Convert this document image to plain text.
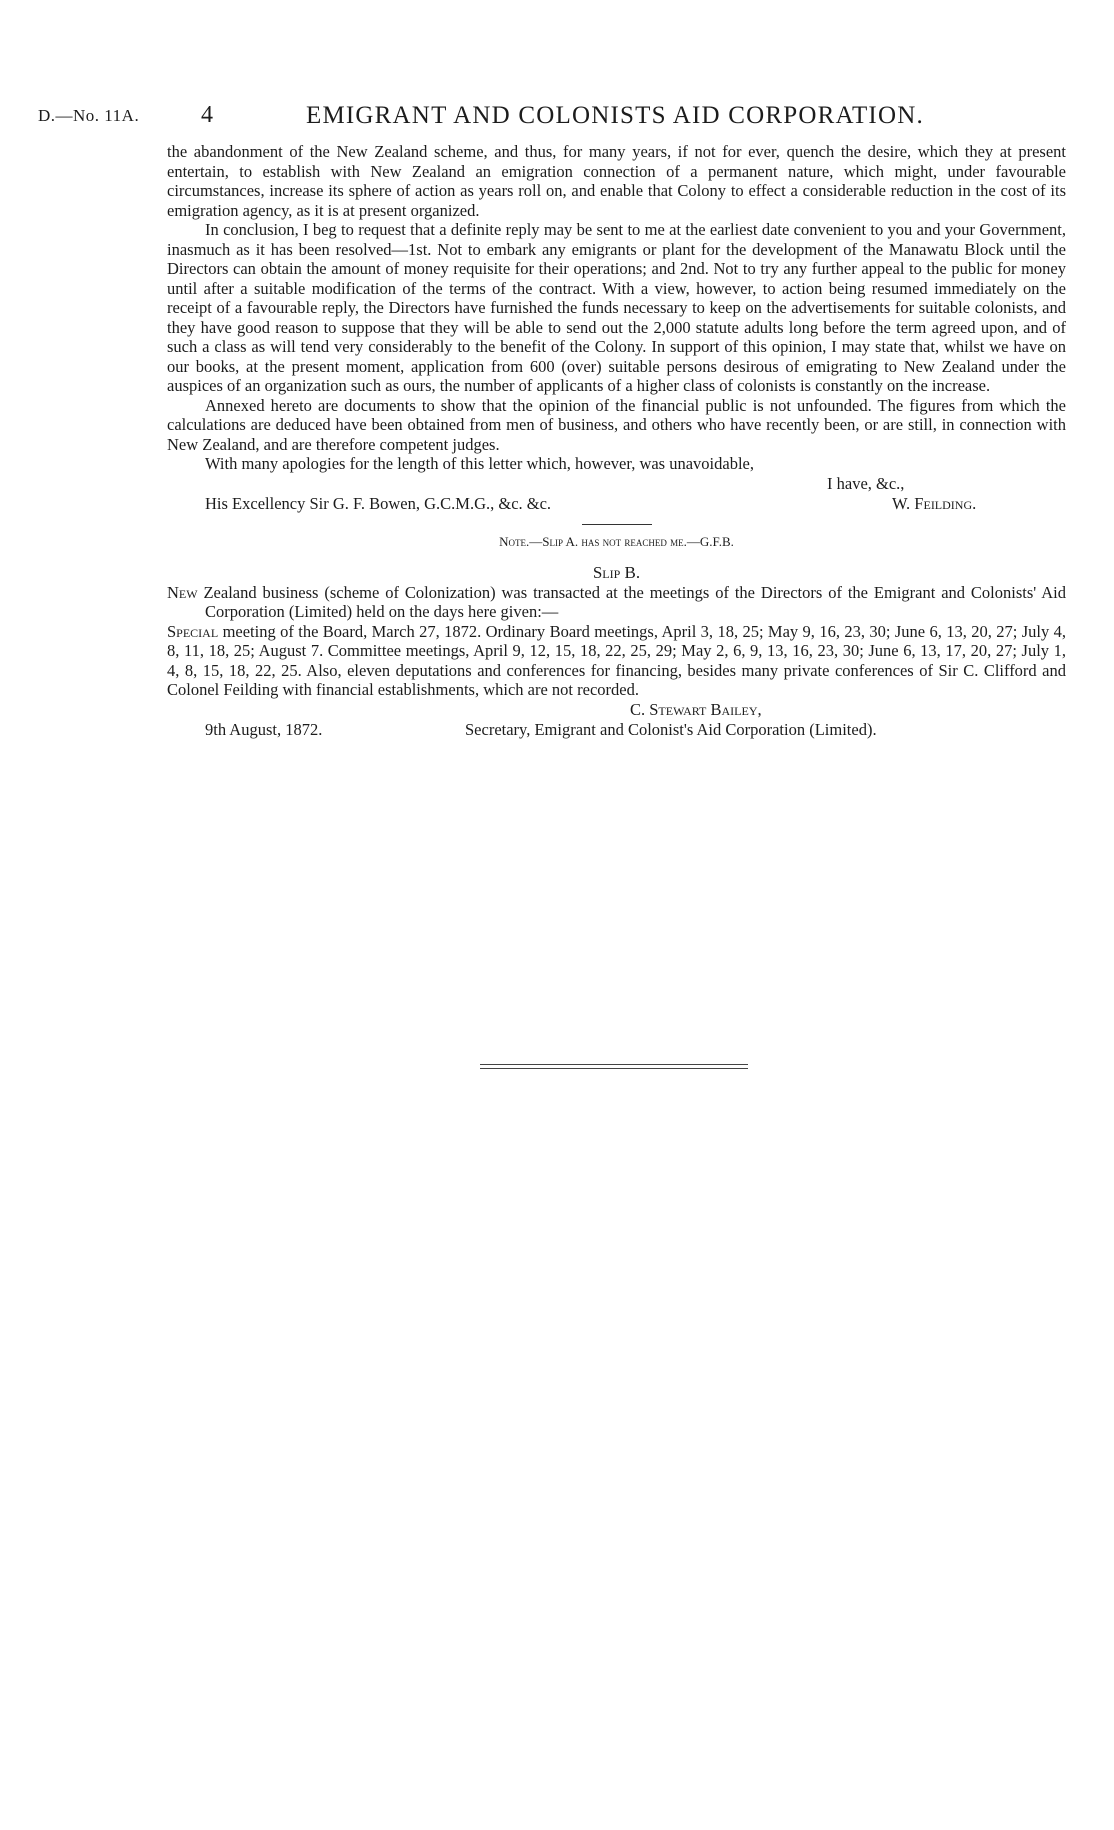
D.—No. 11A.	4	EMIGRANT AND COLONISTS AID CORPORATION.

the abandonment of the New Zealand scheme, and thus, for many years, if not for ever, quench the desire, which they at present entertain, to establish with New Zealand an emigration connection of a permanent nature, which might, under favourable circumstances, increase its sphere of action as years roll on, and enable that Colony to effect a considerable reduction in the cost of its emigration agency, as it is at present organized.

In conclusion, I beg to request that a definite reply may be sent to me at the earliest date convenient to you and your Government, inasmuch as it has been resolved—1st. Not to embark any emigrants or plant for the development of the Manawatu Block until the Directors can obtain the amount of money requisite for their operations; and 2nd. Not to try any further appeal to the public for money until after a suitable modification of the terms of the contract. With a view, however, to action being resumed immediately on the receipt of a favourable reply, the Directors have furnished the funds necessary to keep on the advertisements for suitable colonists, and they have good reason to suppose that they will be able to send out the 2,000 statute adults long before the term agreed upon, and of such a class as will tend very considerably to the benefit of the Colony. In support of this opinion, I may state that, whilst we have on our books, at the present moment, application from 600 (over) suitable persons desirous of emigrating to New Zealand under the auspices of an organization such as ours, the number of applicants of a higher class of colonists is constantly on the increase.

Annexed hereto are documents to show that the opinion of the financial public is not unfounded. The figures from which the calculations are deduced have been obtained from men of business, and others who have recently been, or are still, in connection with New Zealand, and are therefore competent judges.

With many apologies for the length of this letter which, however, was unavoidable,

I have, &c.,
His Excellency Sir G. F. Bowen, G.C.M.G., &c. &c.	W. Feilding.
Note.—Slip A. has not reached me.—G.F.B.
Slip B.

New Zealand business (scheme of Colonization) was transacted at the meetings of the Directors of the Emigrant and Colonists' Aid Corporation (Limited) held on the days here given:—

Special meeting of the Board, March 27, 1872. Ordinary Board meetings, April 3, 18, 25; May 9, 16, 23, 30; June 6, 13, 20, 27; July 4, 8, 11, 18, 25; August 7. Committee meetings, April 9, 12, 15, 18, 22, 25, 29; May 2, 6, 9, 13, 16, 23, 30; June 6, 13, 17, 20, 27; July 1, 4, 8, 15, 18, 22, 25. Also, eleven deputations and conferences for financing, besides many private conferences of Sir C. Clifford and Colonel Feilding with financial establishments, which are not recorded.

C. Stewart Bailey,
9th August, 1872.	Secretary, Emigrant and Colonist's Aid Corporation (Limited).
